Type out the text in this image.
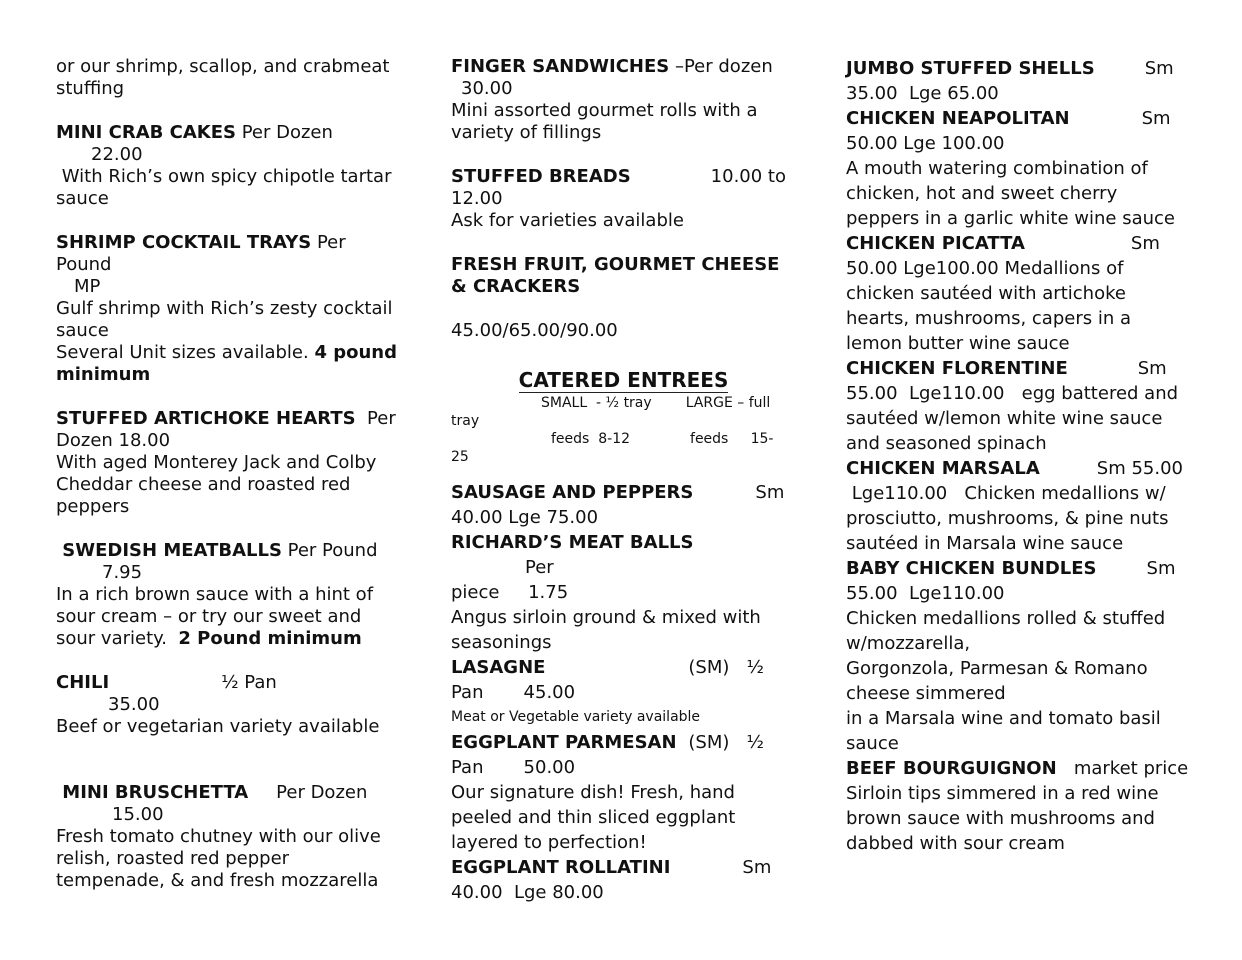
or our shrimp, scallop, and crabmeat stuffing

MINI CRAB CAKES Per Dozen

22.00

With Rich’s own spicy chipotle tartar sauce

SHRIMP COCKTAIL TRAYS Per Pound

MP

Gulf shrimp with Rich’s zesty cocktail sauce

Several Unit sizes available. 4 pound minimum

STUFFED ARTICHOKE HEARTS  Per Dozen 18.00

With aged Monterey Jack and Colby Cheddar cheese and roasted red peppers

SWEDISH MEATBALLS Per Pound

7.95

In a rich brown sauce with a hint of sour cream – or try our sweet and sour variety.  2 Pound minimum

CHILI	½ Pan

35.00

Beef or vegetarian variety available

MINI BRUSCHETTA Per Dozen

15.00

Fresh tomato chutney with our olive relish, roasted red pepper tempenade, & and fresh mozzarella

FINGER SANDWICHES –Per dozen

30.00

Mini assorted gourmet rolls with a variety of fillings

STUFFED BREADS	10.00 to

12.00

Ask for varieties available

FRESH FRUIT, GOURMET CHEESE & CRACKERS

45.00/65.00/90.00

CATERED ENTREES

SMALL  - ½ tray LARGE – full

tray

feeds  8-12	feeds     15-

25

SAUSAGE AND PEPPERS	Sm

40.00 Lge 75.00

RICHARD’S MEAT BALLSPer

piece     1.75

Angus sirloin ground & mixed with seasonings

LASAGNE	(SM)   ½

Pan       45.00

Meat or Vegetable variety available

EGGPLANT PARMESAN (SM)   ½

Pan       50.00

Our signature dish! Fresh, hand peeled and thin sliced eggplant layered to perfection!

EGGPLANT ROLLATINI	Sm

40.00  Lge 80.00

JUMBO STUFFED SHELLS	Sm

35.00  Lge 65.00

CHICKEN NEAPOLITAN	Sm

50.00 Lge 100.00

A mouth watering combination of chicken, hot and sweet cherry peppers in a garlic white wine sauce

CHICKEN PICATTA	Sm

50.00 Lge100.00 Medallions of chicken sautéed with artichoke hearts, mushrooms, capers in a lemon butter wine sauce

CHICKEN FLORENTINE	Sm

55.00  Lge110.00   egg battered and sautéed w/lemon white wine sauce and seasoned spinach

CHICKEN MARSALA	Sm 55.00

Lge110.00   Chicken medallions w/ prosciutto, mushrooms, & pine nuts sautéed in Marsala wine sauce

BABY CHICKEN BUNDLES	Sm

55.00  Lge110.00

Chicken medallions rolled & stuffed w/mozzarella,

Gorgonzola, Parmesan & Romano cheese simmered

in a Marsala wine and tomato basil sauce

BEEF BOURGUIGNON   market price

Sirloin tips simmered in a red wine brown sauce with mushrooms and dabbed with sour cream
